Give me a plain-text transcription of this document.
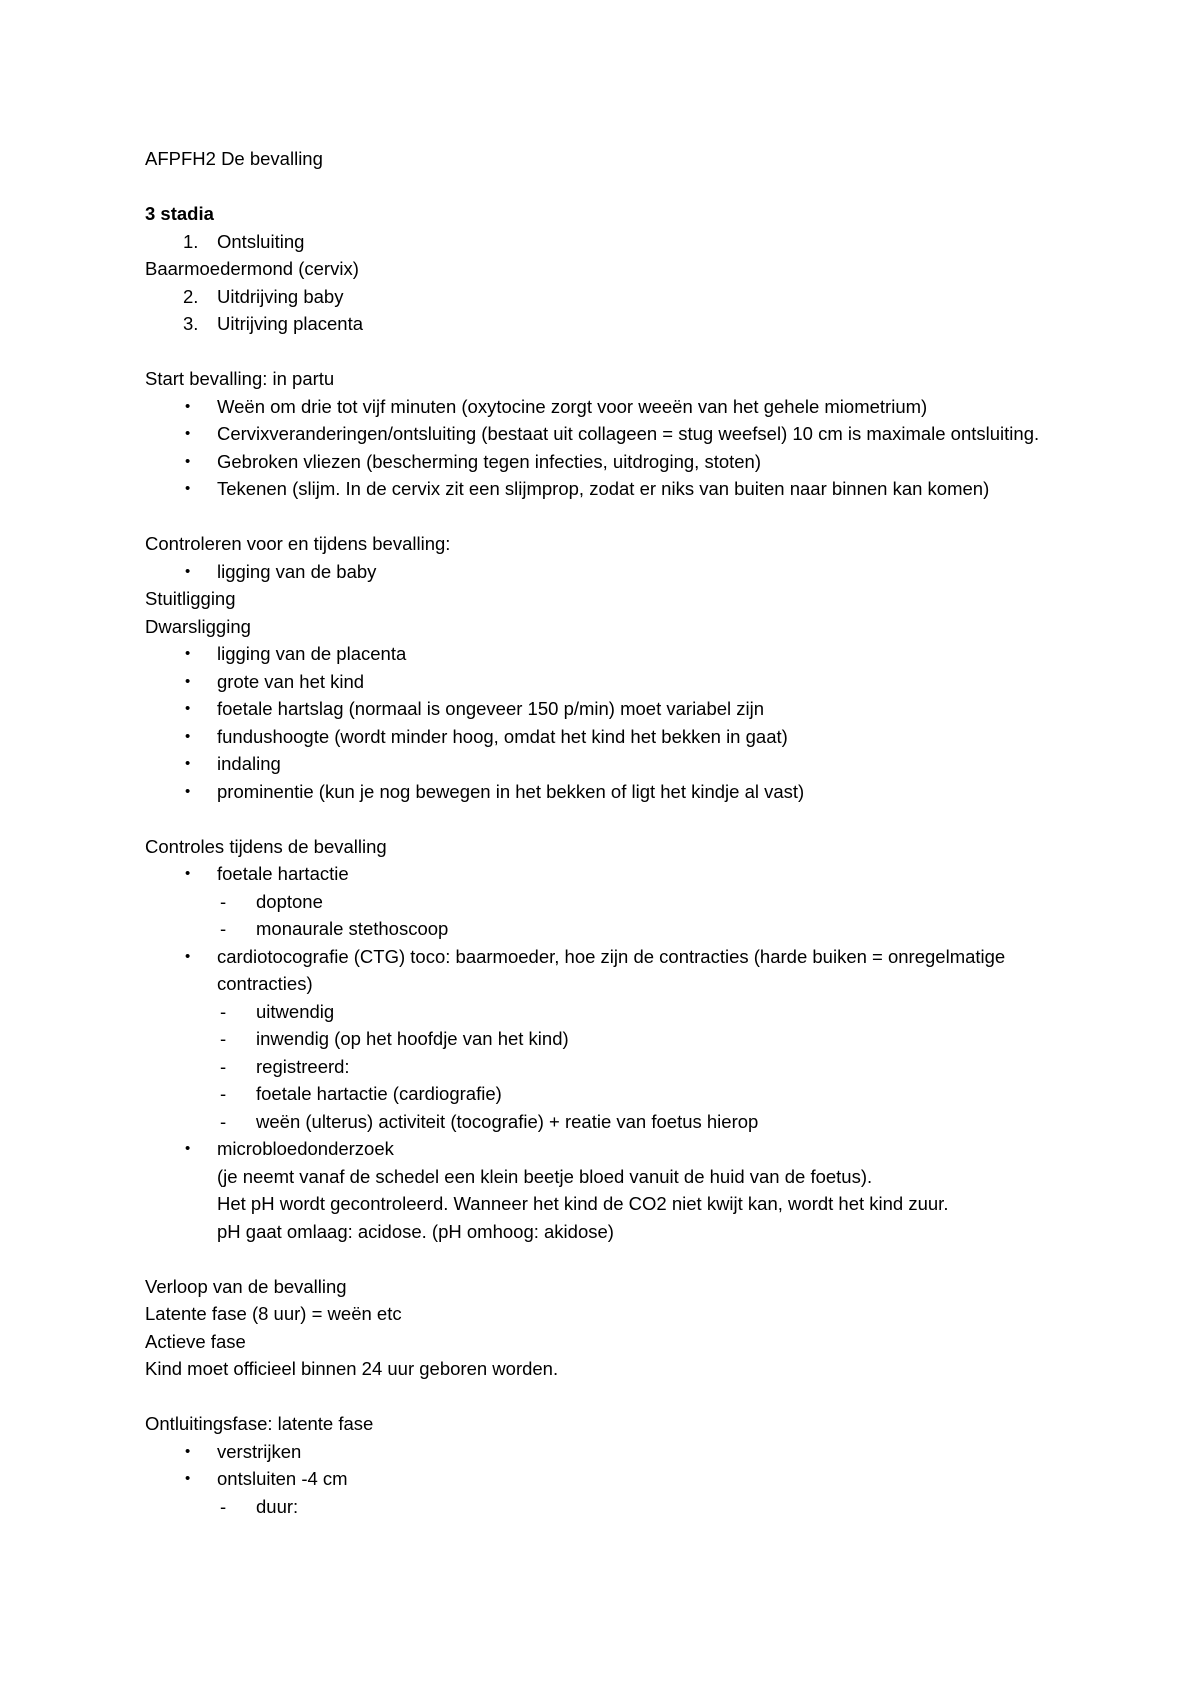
AFPFH2 De bevalling

3 stadia

1.	Ontsluiting

Baarmoedermond (cervix)

2.	Uitdrijving baby
3.	Uitrijving placenta

Start bevalling: in partu

•	Weën om drie tot vijf minuten (oxytocine zorgt voor weeën van het gehele miometrium)
•	Cervixveranderingen/ontsluiting (bestaat uit collageen = stug weefsel) 10 cm is maximale ontsluiting.
•	Gebroken vliezen (bescherming tegen infecties, uitdroging, stoten)
•	Tekenen (slijm. In de cervix zit een slijmprop, zodat er niks van buiten naar binnen kan komen)

Controleren voor en tijdens bevalling:

•	ligging van de baby

Stuitligging

Dwarsligging

•	ligging van de placenta
•	grote van het kind
•	foetale hartslag (normaal is ongeveer 150 p/min) moet variabel zijn
•	fundushoogte (wordt minder hoog, omdat het kind het bekken in gaat)
•	indaling
•	prominentie (kun je nog bewegen in het bekken of ligt het kindje al vast)

Controles tijdens de bevalling

•	foetale hartactie
-	doptone
-	monaurale stethoscoop
•	cardiotocografie (CTG) toco: baarmoeder, hoe zijn de contracties (harde buiken = onregelmatige contracties)
-	uitwendig
-	inwendig (op het hoofdje van het kind)
-	registreerd:
-	foetale hartactie (cardiografie)
-	weën (ulterus) activiteit (tocografie) + reatie van foetus hierop
•	microbloedonderzoek

(je neemt vanaf de schedel een klein beetje bloed vanuit de huid van de foetus).

Het pH wordt gecontroleerd. Wanneer het kind de CO2 niet kwijt kan, wordt het kind zuur.

pH gaat omlaag: acidose. (pH omhoog: akidose)

Verloop van de bevalling

Latente fase (8 uur) = weën etc

Actieve fase

Kind moet officieel binnen 24 uur geboren worden.

Ontluitingsfase: latente fase

•	verstrijken
•	ontsluiten -4 cm
-	duur:
